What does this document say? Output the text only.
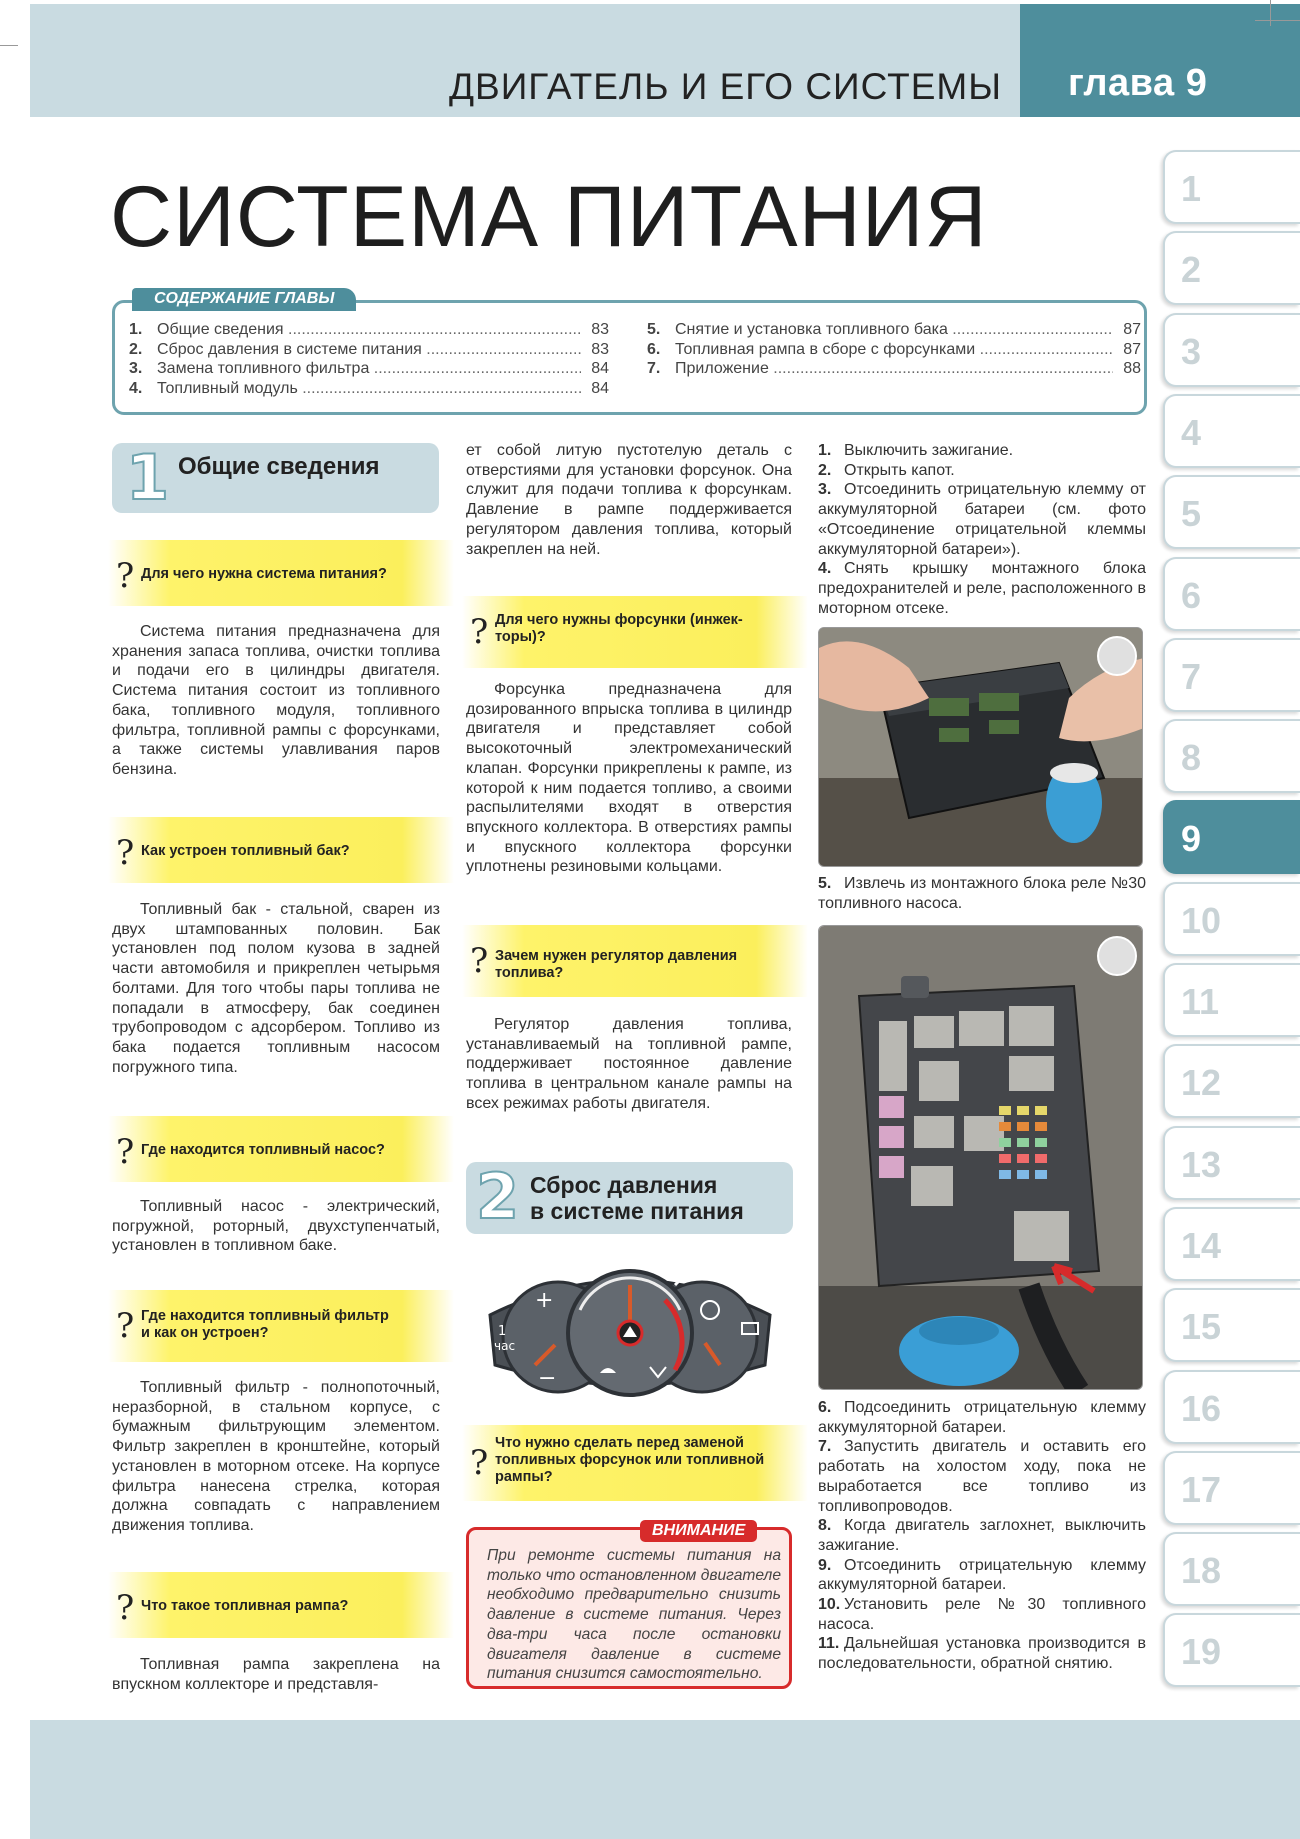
ДВИГАТЕЛЬ И ЕГО СИСТЕМЫ глава 9
СИСТЕМА ПИТАНИЯ	1
2
3
4
5
6
7
8
9
10
11
12
13
14
15
16
17
18
19
1. Общие сведения .....	83
2. Сброс давления в системе питания .....	83
3. Замена топливного фильтра .....	84
4. Топливный модуль .....	84
5. Снятие и установка топливного бака .....	87
6. Топливная рампа в сборе с форсунками .....	87
7. Приложение .....	88
СОДЕРЖАНИЕ ГЛАВЫ
1 Общие сведения
? Для чего нужна система питания?
Система питания предназначена для хранения запаса топлива, очистки топлива и подачи его в цилиндры двигателя. Система питания состоит из топливного бака, топливного модуля, топливного фильтра, топливной рампы с форсунками, а также системы улавливания паров бензина.
? Как устроен топливный бак?
Топливный бак - стальной, сварен из двух штампованных половин. Бак установлен под полом кузова в задней части автомобиля и прикреплен четырьмя болтами. Для того чтобы пары топлива не попадали в атмосферу, бак соединен трубопроводом с адсорбером. Топливо из бака подается топливным насосом погружного типа.
? Где находится топливный насос?
Топливный насос - электрический, погружной, роторный, двухступенчатый, установлен в топливном баке.
? Где находится топливный фильтр
и как он устроен?
Топливный фильтр - полнопоточный, неразборной, в стальном корпусе, с бумажным фильтрующим элементом. Фильтр закреплен в кронштейне, который установлен в моторном отсеке. На корпусе фильтра нанесена стрелка, которая должна совпадать с направлением движения топлива.
? Что такое топливная рампа?
Топливная рампа закреплена на впускном коллекторе и представля-
ет собой литую пустотелую деталь с отверстиями для установки форсунок. Она служит для подачи топлива к форсункам. Давление в рампе поддерживается регулятором давления топлива, который закреплен на ней.
? Для чего нужны форсунки (инжек-
торы)?
Форсунка предназначена для дозированного впрыска топлива в цилиндр двигателя и представляет собой высокоточный электромеханический клапан. Форсунки прикреплены к рампе, из которой к ним подается топливо, а своими распылителями входят в отверстия впускного коллектора. В отверстиях рампы и впускного коллектора форсунки уплотнены резиновыми кольцами.
? Зачем нужен регулятор давления
топлива?
Регулятор давления топлива, устанавливаемый на топливной рампе, поддерживает постоянное давление топлива в центральном канале рампы на всех режимах работы двигателя.
2 Сброс давления
в системе питания
+
−
1
час
? Что нужно сделать перед заменой
топливных форсунок или топливной
рампы?
При ремонте системы питания на только что остановленном двигателе необходимо предварительно снизить давление в системе питания. Через два-три часа после остановки двигателя давление в системе питания снизится самостоятельно.
ВНИМАНИЕ
1. Выключить зажигание.
2. Открыть капот.
3. Отсоединить отрицательную клемму от аккумуляторной батареи (см. фото «Отсоединение отрицательной клеммы аккумуляторной батареи»).
4. Снять крышку монтажного блока предохранителей и реле, расположенного в моторном отсеке.
5. Извлечь из монтажного блока реле №30 топливного насоса.
6. Подсоединить отрицательную клемму аккумуляторной батареи.
7. Запустить двигатель и оставить его работать на холостом ходу, пока не выработается все топливо из топливопроводов.
8. Когда двигатель заглохнет, выключить зажигание.
9. Отсоединить отрицательную клемму аккумуляторной батареи.
10. Установить реле №30 топливного насоса.
11. Дальнейшая установка производится в последовательности, обратной снятию.
